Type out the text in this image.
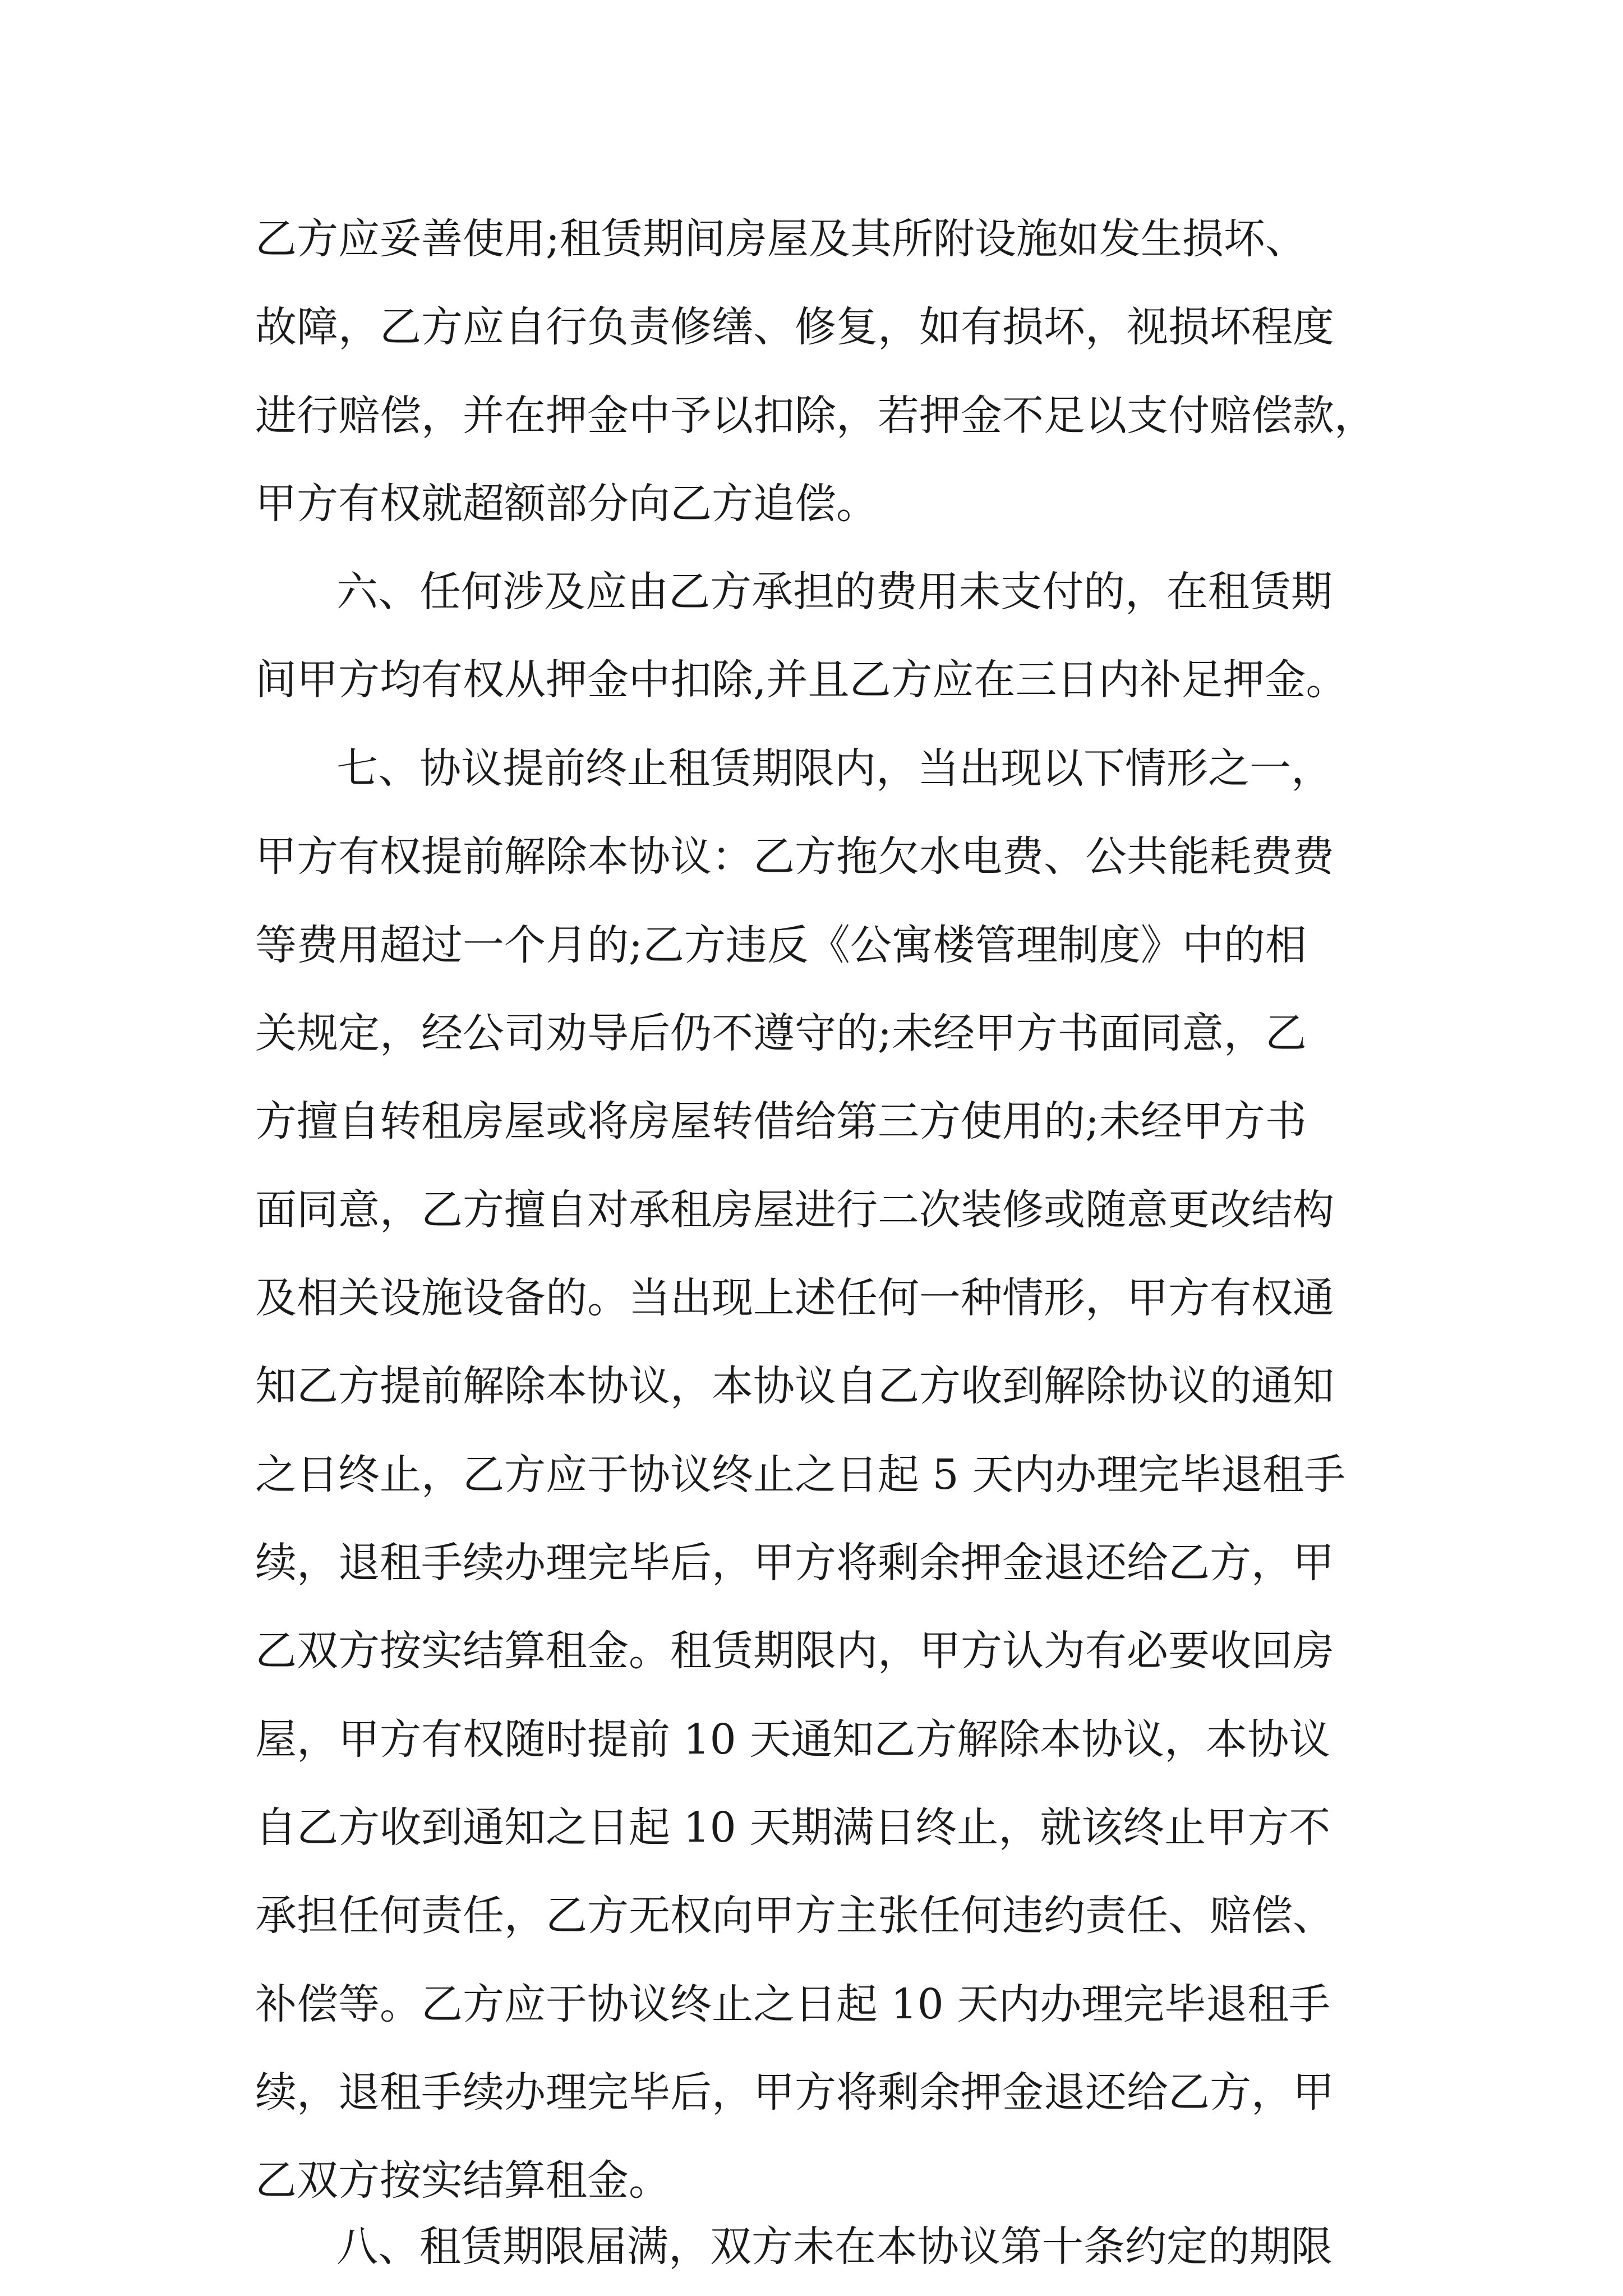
乙方应妥善使用;租赁期间房屋及其所附设施如发生损坏、
故障，乙方应自行负责修缮、修复，如有损坏，视损坏程度
进行赔偿，并在押金中予以扣除，若押金不足以支付赔偿款，
甲方有权就超额部分向乙方追偿。
六、任何涉及应由乙方承担的费用未支付的，在租赁期
间甲方均有权从押金中扣除,并且乙方应在三日内补足押金。
七、协议提前终止租赁期限内，当出现以下情形之一，
甲方有权提前解除本协议：乙方拖欠水电费、公共能耗费费
等费用超过一个月的;乙方违反《公寓楼管理制度》中的相
关规定，经公司劝导后仍不遵守的;未经甲方书面同意，乙
方擅自转租房屋或将房屋转借给第三方使用的;未经甲方书
面同意，乙方擅自对承租房屋进行二次装修或随意更改结构
及相关设施设备的。当出现上述任何一种情形，甲方有权通
知乙方提前解除本协议，本协议自乙方收到解除协议的通知
之日终止，乙方应于协议终止之日起 5 天内办理完毕退租手
续，退租手续办理完毕后，甲方将剩余押金退还给乙方，甲
乙双方按实结算租金。租赁期限内，甲方认为有必要收回房
屋，甲方有权随时提前 10 天通知乙方解除本协议，本协议
自乙方收到通知之日起 10 天期满日终止，就该终止甲方不
承担任何责任，乙方无权向甲方主张任何违约责任、赔偿、
补偿等。乙方应于协议终止之日起 10 天内办理完毕退租手
续，退租手续办理完毕后，甲方将剩余押金退还给乙方，甲
乙双方按实结算租金。
八、租赁期限届满，双方未在本协议第十条约定的期限
